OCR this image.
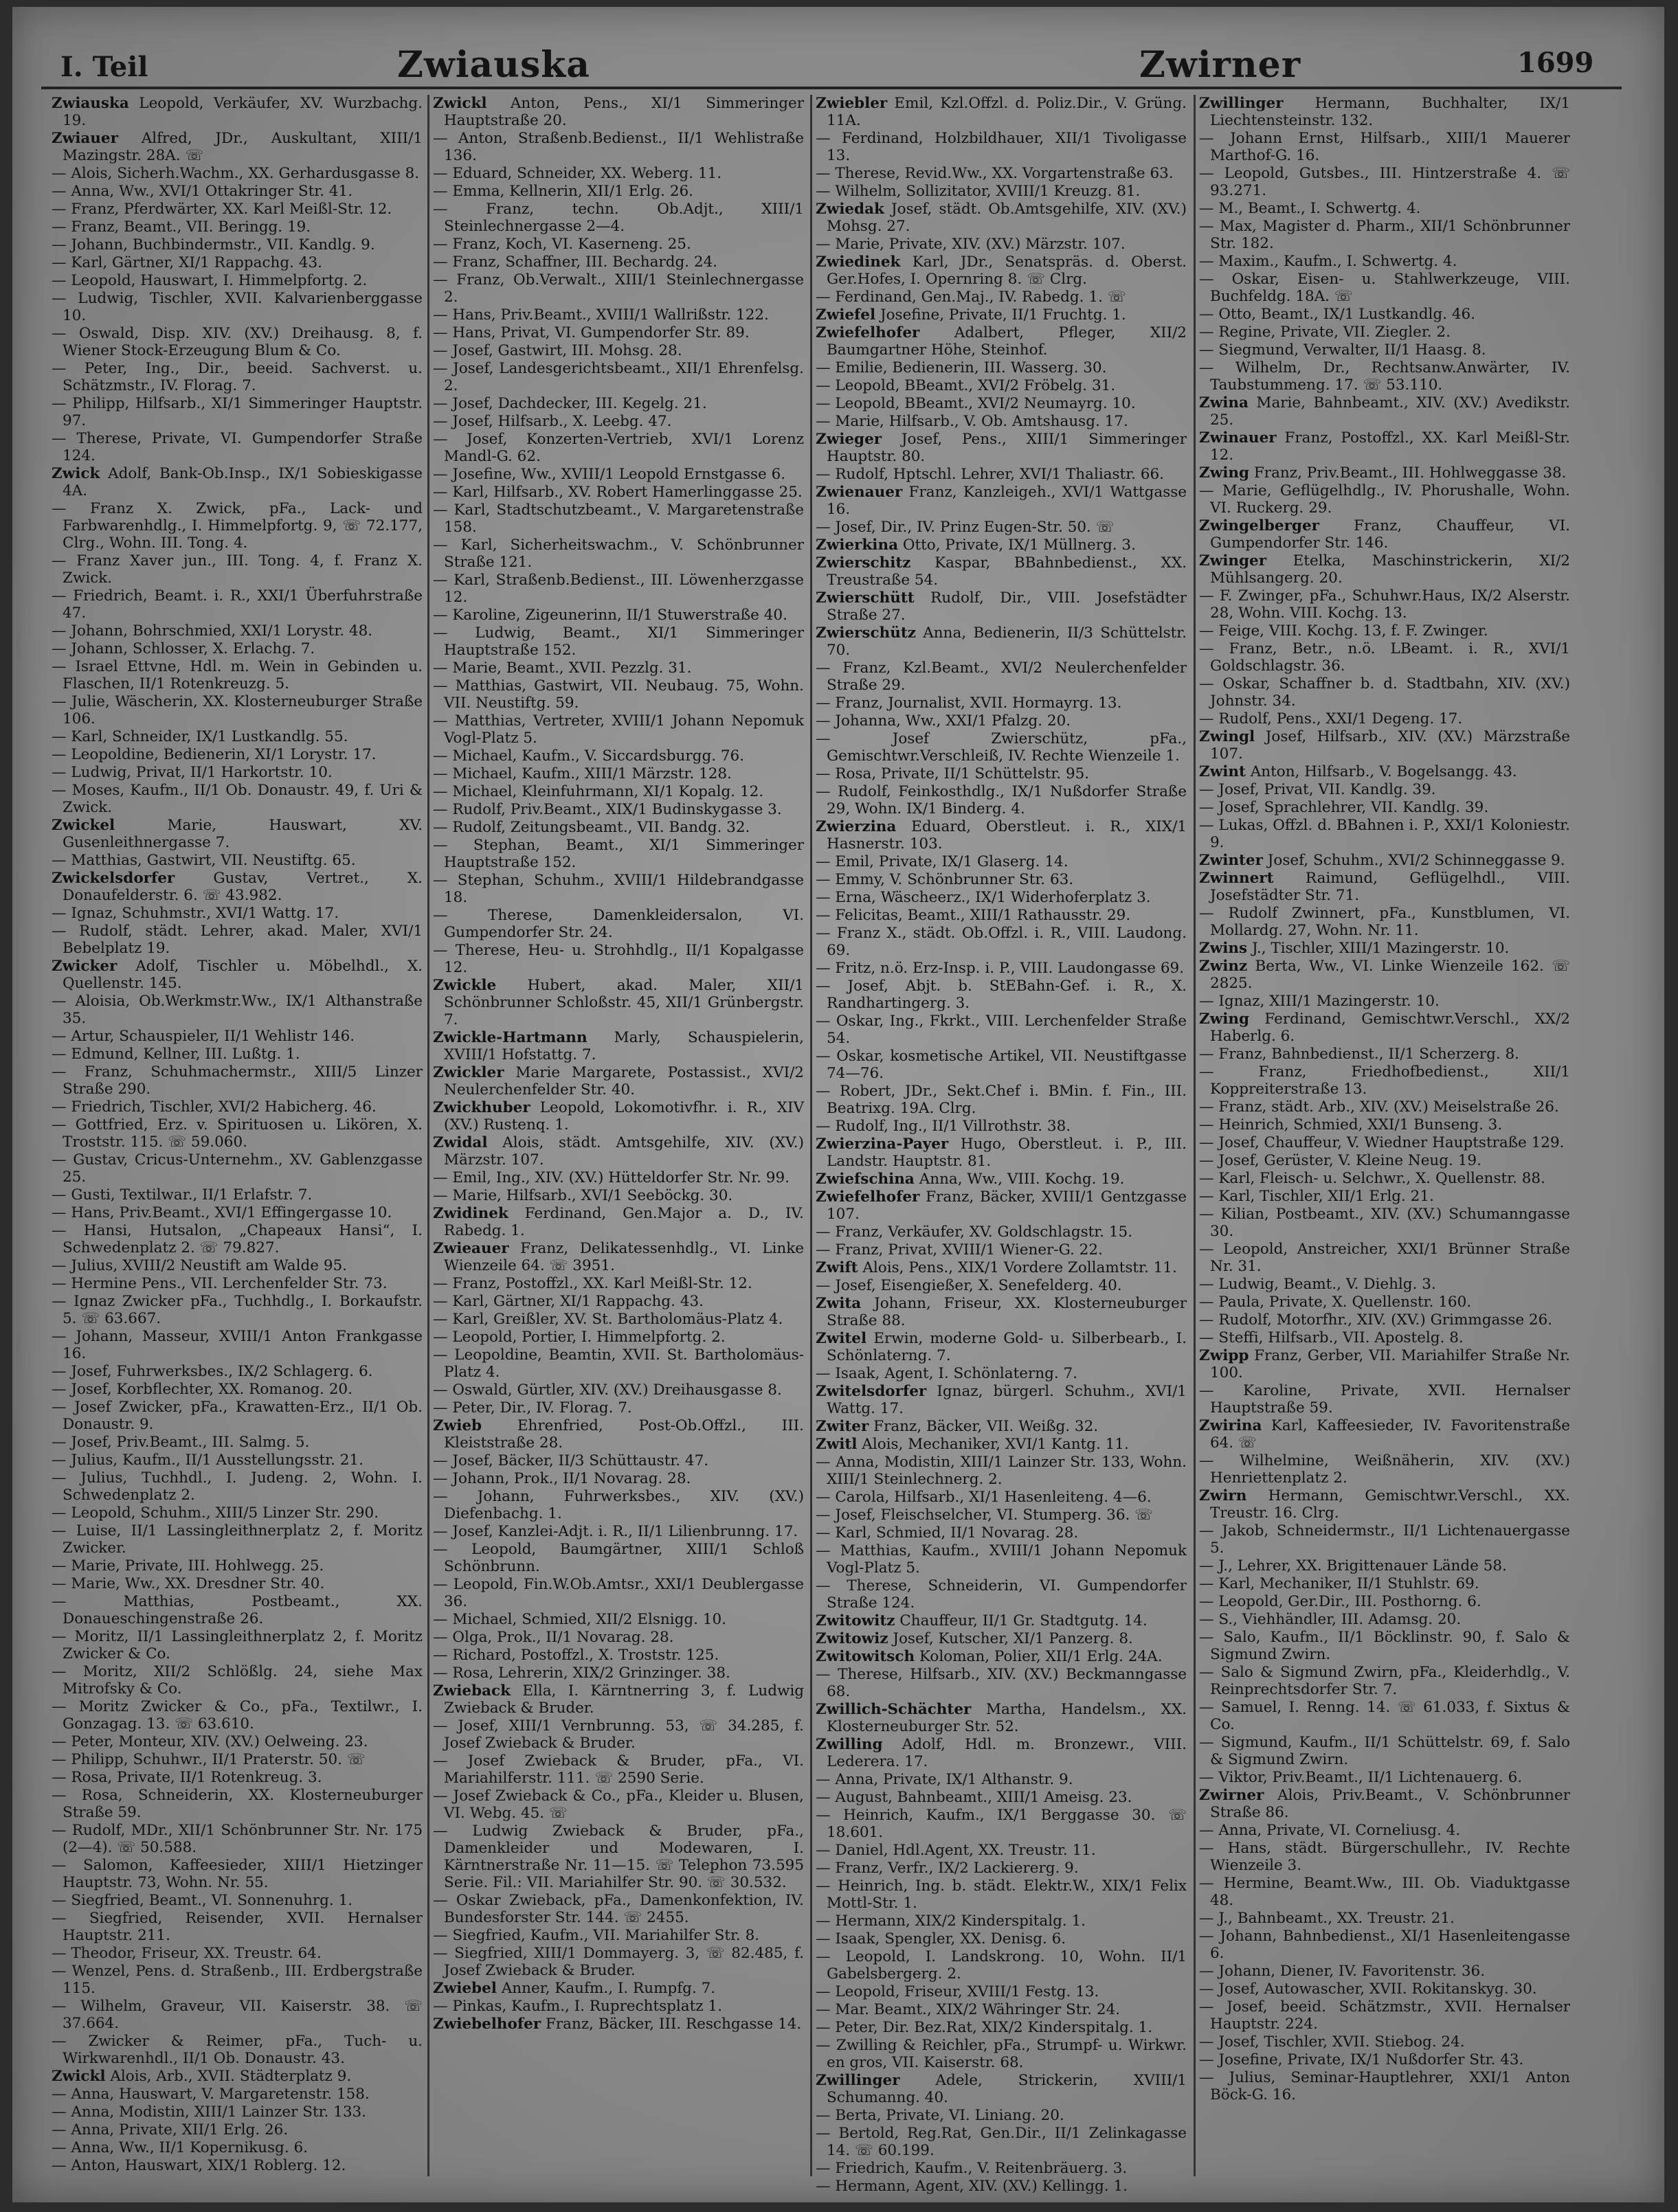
I. Teil	Zwiauska	Zwirner	1699

Zwiauska Leopold, Verkäufer, XV. Wurzbachg. 19.

Zwiauer Alfred, JDr., Auskultant, XIII/1 Mazingstr. 28A. ☏

— Alois, Sicherh.Wachm., XX. Gerhardusgasse 8.

— Anna, Ww., XVI/1 Ottakringer Str. 41.

— Franz, Pferdwärter, XX. Karl Meißl-Str. 12.

— Franz, Beamt., VII. Beringg. 19.

— Johann, Buchbindermstr., VII. Kandlg. 9.

— Karl, Gärtner, XI/1 Rappachg. 43.

— Leopold, Hauswart, I. Himmelpfortg. 2.

— Ludwig, Tischler, XVII. Kalvarienberggasse 10.

— Oswald, Disp. XIV. (XV.) Dreihausg. 8, f. Wiener Stock-Erzeugung Blum & Co.

— Peter, Ing., Dir., beeid. Sachverst. u. Schätzmstr., IV. Florag. 7.

— Philipp, Hilfsarb., XI/1 Simmeringer Hauptstr. 97.

— Therese, Private, VI. Gumpendorfer Straße 124.

Zwick Adolf, Bank-Ob.Insp., IX/1 Sobieskigasse 4A.

— Franz X. Zwick, pFa., Lack- und Farbwarenhdlg., I. Himmelpfortg. 9, ☏ 72.177, Clrg., Wohn. III. Tong. 4.

— Franz Xaver jun., III. Tong. 4, f. Franz X. Zwick.

— Friedrich, Beamt. i. R., XXI/1 Überfuhrstraße 47.

— Johann, Bohrschmied, XXI/1 Lorystr. 48.

— Johann, Schlosser, X. Erlachg. 7.

— Israel Ettvne, Hdl. m. Wein in Gebinden u. Flaschen, II/1 Rotenkreuzg. 5.

— Julie, Wäscherin, XX. Klosterneuburger Straße 106.

— Karl, Schneider, IX/1 Lustkandlg. 55.

— Leopoldine, Bedienerin, XI/1 Lorystr. 17.

— Ludwig, Privat, II/1 Harkortstr. 10.

— Moses, Kaufm., II/1 Ob. Donaustr. 49, f. Uri & Zwick.

Zwickel Marie, Hauswart, XV. Gusenleithnergasse 7.

— Matthias, Gastwirt, VII. Neustiftg. 65.

Zwickelsdorfer Gustav, Vertret., X. Donaufelderstr. 6. ☏ 43.982.

— Ignaz, Schuhmstr., XVI/1 Wattg. 17.

— Rudolf, städt. Lehrer, akad. Maler, XVI/1 Bebelplatz 19.

Zwicker Adolf, Tischler u. Möbelhdl., X. Quellenstr. 145.

— Aloisia, Ob.Werkmstr.Ww., IX/1 Althanstraße 35.

— Artur, Schauspieler, II/1 Wehlistr 146.

— Edmund, Kellner, III. Lußtg. 1.

— Franz, Schuhmachermstr., XIII/5 Linzer Straße 290.

— Friedrich, Tischler, XVI/2 Habicherg. 46.

— Gottfried, Erz. v. Spirituosen u. Likören, X. Troststr. 115. ☏ 59.060.

— Gustav, Cricus-Unternehm., XV. Gablenzgasse 25.

— Gusti, Textilwar., II/1 Erlafstr. 7.

— Hans, Priv.Beamt., XVI/1 Effingergasse 10.

— Hansi, Hutsalon, „Chapeaux Hansi“, I. Schwedenplatz 2. ☏ 79.827.

— Julius, XVIII/2 Neustift am Walde 95.

— Hermine Pens., VII. Lerchenfelder Str. 73.

— Ignaz Zwicker pFa., Tuchhdlg., I. Borkaufstr. 5. ☏ 63.667.

— Johann, Masseur, XVIII/1 Anton Frankgasse 16.

— Josef, Fuhrwerksbes., IX/2 Schlagerg. 6.

— Josef, Korbflechter, XX. Romanog. 20.

— Josef Zwicker, pFa., Krawatten-Erz., II/1 Ob. Donaustr. 9.

— Josef, Priv.Beamt., III. Salmg. 5.

— Julius, Kaufm., II/1 Ausstellungsstr. 21.

— Julius, Tuchhdl., I. Judeng. 2, Wohn. I. Schwedenplatz 2.

— Leopold, Schuhm., XIII/5 Linzer Str. 290.

— Luise, II/1 Lassingleithnerplatz 2, f. Moritz Zwicker.

— Marie, Private, III. Hohlwegg. 25.

— Marie, Ww., XX. Dresdner Str. 40.

— Matthias, Postbeamt., XX. Donaueschingenstraße 26.

— Moritz, II/1 Lassingleithnerplatz 2, f. Moritz Zwicker & Co.

— Moritz, XII/2 Schlößlg. 24, siehe Max Mitrofsky & Co.

— Moritz Zwicker & Co., pFa., Textilwr., I. Gonzagag. 13. ☏ 63.610.

— Peter, Monteur, XIV. (XV.) Oelweing. 23.

— Philipp, Schuhwr., II/1 Praterstr. 50. ☏

— Rosa, Private, II/1 Rotenkreug. 3.

— Rosa, Schneiderin, XX. Klosterneuburger Straße 59.

— Rudolf, MDr., XII/1 Schönbrunner Str. Nr. 175 (2—4). ☏ 50.588.

— Salomon, Kaffeesieder, XIII/1 Hietzinger Hauptstr. 73, Wohn. Nr. 55.

— Siegfried, Beamt., VI. Sonnenuhrg. 1.

— Siegfried, Reisender, XVII. Hernalser Hauptstr. 211.

— Theodor, Friseur, XX. Treustr. 64.

— Wenzel, Pens. d. Straßenb., III. Erdbergstraße 115.

— Wilhelm, Graveur, VII. Kaiserstr. 38. ☏ 37.664.

— Zwicker & Reimer, pFa., Tuch- u. Wirkwarenhdl., II/1 Ob. Donaustr. 43.

Zwickl Alois, Arb., XVII. Städterplatz 9.

— Anna, Hauswart, V. Margaretenstr. 158.

— Anna, Modistin, XIII/1 Lainzer Str. 133.

— Anna, Private, XII/1 Erlg. 26.

— Anna, Ww., II/1 Kopernikusg. 6.

— Anton, Hauswart, XIX/1 Roblerg. 12.

Zwickl Anton, Pens., XI/1 Simmeringer Hauptstraße 20.

— Anton, Straßenb.Bedienst., II/1 Wehlistraße 136.

— Eduard, Schneider, XX. Weberg. 11.

— Emma, Kellnerin, XII/1 Erlg. 26.

— Franz, techn. Ob.Adjt., XIII/1 Steinlechnergasse 2—4.

— Franz, Koch, VI. Kaserneng. 25.

— Franz, Schaffner, III. Bechardg. 24.

— Franz, Ob.Verwalt., XIII/1 Steinlechnergasse 2.

— Hans, Priv.Beamt., XVIII/1 Wallrißstr. 122.

— Hans, Privat, VI. Gumpendorfer Str. 89.

— Josef, Gastwirt, III. Mohsg. 28.

— Josef, Landesgerichtsbeamt., XII/1 Ehrenfelsg. 2.

— Josef, Dachdecker, III. Kegelg. 21.

— Josef, Hilfsarb., X. Leebg. 47.

— Josef, Konzerten-Vertrieb, XVI/1 Lorenz Mandl-G. 62.

— Josefine, Ww., XVIII/1 Leopold Ernstgasse 6.

— Karl, Hilfsarb., XV. Robert Hamerlinggasse 25.

— Karl, Stadtschutzbeamt., V. Margaretenstraße 158.

— Karl, Sicherheitswachm., V. Schönbrunner Straße 121.

— Karl, Straßenb.Bedienst., III. Löwenherzgasse 12.

— Karoline, Zigeunerinn, II/1 Stuwerstraße 40.

— Ludwig, Beamt., XI/1 Simmeringer Hauptstraße 152.

— Marie, Beamt., XVII. Pezzlg. 31.

— Matthias, Gastwirt, VII. Neubaug. 75, Wohn. VII. Neustiftg. 59.

— Matthias, Vertreter, XVIII/1 Johann Nepomuk Vogl-Platz 5.

— Michael, Kaufm., V. Siccardsburgg. 76.

— Michael, Kaufm., XIII/1 Märzstr. 128.

— Michael, Kleinfuhrmann, XI/1 Kopalg. 12.

— Rudolf, Priv.Beamt., XIX/1 Budinskygasse 3.

— Rudolf, Zeitungsbeamt., VII. Bandg. 32.

— Stephan, Beamt., XI/1 Simmeringer Hauptstraße 152.

— Stephan, Schuhm., XVIII/1 Hildebrandgasse 18.

— Therese, Damenkleidersalon, VI. Gumpendorfer Str. 24.

— Therese, Heu- u. Strohhdlg., II/1 Kopalgasse 12.

Zwickle Hubert, akad. Maler, XII/1 Schönbrunner Schloßstr. 45, XII/1 Grünbergstr. 7.

Zwickle-Hartmann Marly, Schauspielerin, XVIII/1 Hofstattg. 7.

Zwickler Marie Margarete, Postassist., XVI/2 Neulerchenfelder Str. 40.

Zwickhuber Leopold, Lokomotivfhr. i. R., XIV (XV.) Rustenq. 1.

Zwidal Alois, städt. Amtsgehilfe, XIV. (XV.) Märzstr. 107.

— Emil, Ing., XIV. (XV.) Hütteldorfer Str. Nr. 99.

— Marie, Hilfsarb., XVI/1 Seeböckg. 30.

Zwidinek Ferdinand, Gen.Major a. D., IV. Rabedg. 1.

Zwieauer Franz, Delikatessenhdlg., VI. Linke Wienzeile 64. ☏ 3951.

— Franz, Postoffzl., XX. Karl Meißl-Str. 12.

— Karl, Gärtner, XI/1 Rappachg. 43.

— Karl, Greißler, XV. St. Bartholomäus-Platz 4.

— Leopold, Portier, I. Himmelpfortg. 2.

— Leopoldine, Beamtin, XVII. St. Bartholomäus-Platz 4.

— Oswald, Gürtler, XIV. (XV.) Dreihausgasse 8.

— Peter, Dir., IV. Florag. 7.

Zwieb Ehrenfried, Post-Ob.Offzl., III. Kleiststraße 28.

— Josef, Bäcker, II/3 Schüttaustr. 47.

— Johann, Prok., II/1 Novarag. 28.

— Johann, Fuhrwerksbes., XIV. (XV.) Diefenbachg. 1.

— Josef, Kanzlei-Adjt. i. R., II/1 Lilienbrunng. 17.

— Leopold, Baumgärtner, XIII/1 Schloß Schönbrunn.

— Leopold, Fin.W.Ob.Amtsr., XXI/1 Deublergasse 36.

— Michael, Schmied, XII/2 Elsnigg. 10.

— Olga, Prok., II/1 Novarag. 28.

— Richard, Postoffzl., X. Troststr. 125.

— Rosa, Lehrerin, XIX/2 Grinzinger. 38.

Zwieback Ella, I. Kärntnerring 3, f. Ludwig Zwieback & Bruder.

— Josef, XIII/1 Vernbrunng. 53, ☏ 34.285, f. Josef Zwieback & Bruder.

— Josef Zwieback & Bruder, pFa., VI. Mariahilferstr. 111. ☏ 2590 Serie.

— Josef Zwieback & Co., pFa., Kleider u. Blusen, VI. Webg. 45. ☏

— Ludwig Zwieback & Bruder, pFa., Damenkleider und Modewaren, I. Kärntnerstraße Nr. 11—15. ☏ Telephon 73.595 Serie. Fil.: VII. Mariahilfer Str. 90. ☏ 30.532.

— Oskar Zwieback, pFa., Damenkonfektion, IV. Bundesforster Str. 144. ☏ 2455.

— Siegfried, Kaufm., VII. Mariahilfer Str. 8.

— Siegfried, XIII/1 Dommayerg. 3, ☏ 82.485, f. Josef Zwieback & Bruder.

Zwiebel Anner, Kaufm., I. Rumpfg. 7.

— Pinkas, Kaufm., I. Ruprechtsplatz 1.

Zwiebelhofer Franz, Bäcker, III. Reschgasse 14.

Zwiebler Emil, Kzl.Offzl. d. Poliz.Dir., V. Grüng. 11A.

— Ferdinand, Holzbildhauer, XII/1 Tivoligasse 13.

— Therese, Revid.Ww., XX. Vorgartenstraße 63.

— Wilhelm, Sollizitator, XVIII/1 Kreuzg. 81.

Zwiedak Josef, städt. Ob.Amtsgehilfe, XIV. (XV.) Mohsg. 27.

— Marie, Private, XIV. (XV.) Märzstr. 107.

Zwiedinek Karl, JDr., Senatspräs. d. Oberst. Ger.Hofes, I. Opernring 8. ☏ Clrg.

— Ferdinand, Gen.Maj., IV. Rabedg. 1. ☏

Zwiefel Josefine, Private, II/1 Fruchtg. 1.

Zwiefelhofer Adalbert, Pfleger, XII/2 Baumgartner Höhe, Steinhof.

— Emilie, Bedienerin, III. Wasserg. 30.

— Leopold, BBeamt., XVI/2 Fröbelg. 31.

— Leopold, BBeamt., XVI/2 Neumayrg. 10.

— Marie, Hilfsarb., V. Ob. Amtshausg. 17.

Zwieger Josef, Pens., XIII/1 Simmeringer Hauptstr. 80.

— Rudolf, Hptschl. Lehrer, XVI/1 Thaliastr. 66.

Zwienauer Franz, Kanzleigeh., XVI/1 Wattgasse 16.

— Josef, Dir., IV. Prinz Eugen-Str. 50. ☏

Zwierkina Otto, Private, IX/1 Müllnerg. 3.

Zwierschitz Kaspar, BBahnbedienst., XX. Treustraße 54.

Zwierschütt Rudolf, Dir., VIII. Josefstädter Straße 27.

Zwierschütz Anna, Bedienerin, II/3 Schüttelstr. 70.

— Franz, Kzl.Beamt., XVI/2 Neulerchenfelder Straße 29.

— Franz, Journalist, XVII. Hormayrg. 13.

— Johanna, Ww., XXI/1 Pfalzg. 20.

— Josef Zwierschütz, pFa., Gemischtwr.Verschleiß, IV. Rechte Wienzeile 1.

— Rosa, Private, II/1 Schüttelstr. 95.

— Rudolf, Feinkosthdlg., IX/1 Nußdorfer Straße 29, Wohn. IX/1 Binderg. 4.

Zwierzina Eduard, Oberstleut. i. R., XIX/1 Hasnerstr. 103.

— Emil, Private, IX/1 Glaserg. 14.

— Emmy, V. Schönbrunner Str. 63.

— Erna, Wäscheerz., IX/1 Widerhoferplatz 3.

— Felicitas, Beamt., XIII/1 Rathausstr. 29.

— Franz X., städt. Ob.Offzl. i. R., VIII. Laudong. 69.

— Fritz, n.ö. Erz-Insp. i. P., VIII. Laudongasse 69.

— Josef, Abjt. b. StEBahn-Gef. i. R., X. Randhartingerg. 3.

— Oskar, Ing., Fkrkt., VIII. Lerchenfelder Straße 54.

— Oskar, kosmetische Artikel, VII. Neustiftgasse 74—76.

— Robert, JDr., Sekt.Chef i. BMin. f. Fin., III. Beatrixg. 19A. Clrg.

— Rudolf, Ing., II/1 Villrothstr. 38.

Zwierzina-Payer Hugo, Oberstleut. i. P., III. Landstr. Hauptstr. 81.

Zwiefschina Anna, Ww., VIII. Kochg. 19.

Zwiefelhofer Franz, Bäcker, XVIII/1 Gentzgasse 107.

— Franz, Verkäufer, XV. Goldschlagstr. 15.

— Franz, Privat, XVIII/1 Wiener-G. 22.

Zwift Alois, Pens., XIX/1 Vordere Zollamtstr. 11.

— Josef, Eisengießer, X. Senefelderg. 40.

Zwita Johann, Friseur, XX. Klosterneuburger Straße 88.

Zwitel Erwin, moderne Gold- u. Silberbearb., I. Schönlaterng. 7.

— Isaak, Agent, I. Schönlaterng. 7.

Zwitelsdorfer Ignaz, bürgerl. Schuhm., XVI/1 Wattg. 17.

Zwiter Franz, Bäcker, VII. Weißg. 32.

Zwitl Alois, Mechaniker, XVI/1 Kantg. 11.

— Anna, Modistin, XIII/1 Lainzer Str. 133, Wohn. XIII/1 Steinlechnerg. 2.

— Carola, Hilfsarb., XI/1 Hasenleiteng. 4—6.

— Josef, Fleischselcher, VI. Stumperg. 36. ☏

— Karl, Schmied, II/1 Novarag. 28.

— Matthias, Kaufm., XVIII/1 Johann Nepomuk Vogl-Platz 5.

— Therese, Schneiderin, VI. Gumpendorfer Straße 124.

Zwitowitz Chauffeur, II/1 Gr. Stadtgutg. 14.

Zwitowiz Josef, Kutscher, XI/1 Panzerg. 8.

Zwitowitsch Koloman, Polier, XII/1 Erlg. 24A.

— Therese, Hilfsarb., XIV. (XV.) Beckmanngasse 68.

Zwillich-Schächter Martha, Handelsm., XX. Klosterneuburger Str. 52.

Zwilling Adolf, Hdl. m. Bronzewr., VIII. Lederera. 17.

— Anna, Private, IX/1 Althanstr. 9.

— August, Bahnbeamt., XIII/1 Ameisg. 23.

— Heinrich, Kaufm., IX/1 Berggasse 30. ☏ 18.601.

— Daniel, Hdl.Agent, XX. Treustr. 11.

— Franz, Verfr., IX/2 Lackiererg. 9.

— Heinrich, Ing. b. städt. Elektr.W., XIX/1 Felix Mottl-Str. 1.

— Hermann, XIX/2 Kinderspitalg. 1.

— Isaak, Spengler, XX. Denisg. 6.

— Leopold, I. Landskrong. 10, Wohn. II/1 Gabelsbergerg. 2.

— Leopold, Friseur, XVIII/1 Festg. 13.

— Mar. Beamt., XIX/2 Währinger Str. 24.

— Peter, Dir. Bez.Rat, XIX/2 Kinderspitalg. 1.

— Zwilling & Reichler, pFa., Strumpf- u. Wirkwr. en gros, VII. Kaiserstr. 68.

Zwillinger Adele, Strickerin, XVIII/1 Schumanng. 40.

— Berta, Private, VI. Liniang. 20.

— Bertold, Reg.Rat, Gen.Dir., II/1 Zelinkagasse 14. ☏ 60.199.

— Friedrich, Kaufm., V. Reitenbräuerg. 3.

— Hermann, Agent, XIV. (XV.) Kellingg. 1.

Zwillinger Hermann, Buchhalter, IX/1 Liechtensteinstr. 132.

— Johann Ernst, Hilfsarb., XIII/1 Mauerer Marthof-G. 16.

— Leopold, Gutsbes., III. Hintzerstraße 4. ☏ 93.271.

— M., Beamt., I. Schwertg. 4.

— Max, Magister d. Pharm., XII/1 Schönbrunner Str. 182.

— Maxim., Kaufm., I. Schwertg. 4.

— Oskar, Eisen- u. Stahlwerkzeuge, VIII. Buchfeldg. 18A. ☏

— Otto, Beamt., IX/1 Lustkandlg. 46.

— Regine, Private, VII. Ziegler. 2.

— Siegmund, Verwalter, II/1 Haasg. 8.

— Wilhelm, Dr., Rechtsanw.Anwärter, IV. Taubstummeng. 17. ☏ 53.110.

Zwina Marie, Bahnbeamt., XIV. (XV.) Avedikstr. 25.

Zwinauer Franz, Postoffzl., XX. Karl Meißl-Str. 12.

Zwing Franz, Priv.Beamt., III. Hohlweggasse 38.

— Marie, Geflügelhdlg., IV. Phorushalle, Wohn. VI. Ruckerg. 29.

Zwingelberger Franz, Chauffeur, VI. Gumpendorfer Str. 146.

Zwinger Etelka, Maschinstrickerin, XI/2 Mühlsangerg. 20.

— F. Zwinger, pFa., Schuhwr.Haus, IX/2 Alserstr. 28, Wohn. VIII. Kochg. 13.

— Feige, VIII. Kochg. 13, f. F. Zwinger.

— Franz, Betr., n.ö. LBeamt. i. R., XVI/1 Goldschlagstr. 36.

— Oskar, Schaffner b. d. Stadtbahn, XIV. (XV.) Johnstr. 34.

— Rudolf, Pens., XXI/1 Degeng. 17.

Zwingl Josef, Hilfsarb., XIV. (XV.) Märzstraße 107.

Zwint Anton, Hilfsarb., V. Bogelsangg. 43.

— Josef, Privat, VII. Kandlg. 39.

— Josef, Sprachlehrer, VII. Kandlg. 39.

— Lukas, Offzl. d. BBahnen i. P., XXI/1 Koloniestr. 9.

Zwinter Josef, Schuhm., XVI/2 Schinneggasse 9.

Zwinnert Raimund, Geflügelhdl., VIII. Josefstädter Str. 71.

— Rudolf Zwinnert, pFa., Kunstblumen, VI. Mollardg. 27, Wohn. Nr. 11.

Zwins J., Tischler, XIII/1 Mazingerstr. 10.

Zwinz Berta, Ww., VI. Linke Wienzeile 162. ☏ 2825.

— Ignaz, XIII/1 Mazingerstr. 10.

Zwing Ferdinand, Gemischtwr.Verschl., XX/2 Haberlg. 6.

— Franz, Bahnbedienst., II/1 Scherzerg. 8.

— Franz, Friedhofbedienst., XII/1 Koppreiterstraße 13.

— Franz, städt. Arb., XIV. (XV.) Meiselstraße 26.

— Heinrich, Schmied, XXI/1 Bunseng. 3.

— Josef, Chauffeur, V. Wiedner Hauptstraße 129.

— Josef, Gerüster, V. Kleine Neug. 19.

— Karl, Fleisch- u. Selchwr., X. Quellenstr. 88.

— Karl, Tischler, XII/1 Erlg. 21.

— Kilian, Postbeamt., XIV. (XV.) Schumanngasse 30.

— Leopold, Anstreicher, XXI/1 Brünner Straße Nr. 31.

— Ludwig, Beamt., V. Diehlg. 3.

— Paula, Private, X. Quellenstr. 160.

— Rudolf, Motorfhr., XIV. (XV.) Grimmgasse 26.

— Steffi, Hilfsarb., VII. Apostelg. 8.

Zwipp Franz, Gerber, VII. Mariahilfer Straße Nr. 100.

— Karoline, Private, XVII. Hernalser Hauptstraße 59.

Zwirina Karl, Kaffeesieder, IV. Favoritenstraße 64. ☏

— Wilhelmine, Weißnäherin, XIV. (XV.) Henriettenplatz 2.

Zwirn Hermann, Gemischtwr.Verschl., XX. Treustr. 16. Clrg.

— Jakob, Schneidermstr., II/1 Lichtenauergasse 5.

— J., Lehrer, XX. Brigittenauer Lände 58.

— Karl, Mechaniker, II/1 Stuhlstr. 69.

— Leopold, Ger.Dir., III. Posthorng. 6.

— S., Viehhändler, III. Adamsg. 20.

— Salo, Kaufm., II/1 Böcklinstr. 90, f. Salo & Sigmund Zwirn.

— Salo & Sigmund Zwirn, pFa., Kleiderhdlg., V. Reinprechtsdorfer Str. 7.

— Samuel, I. Renng. 14. ☏ 61.033, f. Sixtus & Co.

— Sigmund, Kaufm., II/1 Schüttelstr. 69, f. Salo & Sigmund Zwirn.

— Viktor, Priv.Beamt., II/1 Lichtenauerg. 6.

Zwirner Alois, Priv.Beamt., V. Schönbrunner Straße 86.

— Anna, Private, VI. Corneliusg. 4.

— Hans, städt. Bürgerschullehr., IV. Rechte Wienzeile 3.

— Hermine, Beamt.Ww., III. Ob. Viaduktgasse 48.

— J., Bahnbeamt., XX. Treustr. 21.

— Johann, Bahnbedienst., XI/1 Hasenleitengasse 6.

— Johann, Diener, IV. Favoritenstr. 36.

— Josef, Autowascher, XVII. Rokitanskyg. 30.

— Josef, beeid. Schätzmstr., XVII. Hernalser Hauptstr. 224.

— Josef, Tischler, XVII. Stiebog. 24.

— Josefine, Private, IX/1 Nußdorfer Str. 43.

— Julius, Seminar-Hauptlehrer, XXI/1 Anton Böck-G. 16.
